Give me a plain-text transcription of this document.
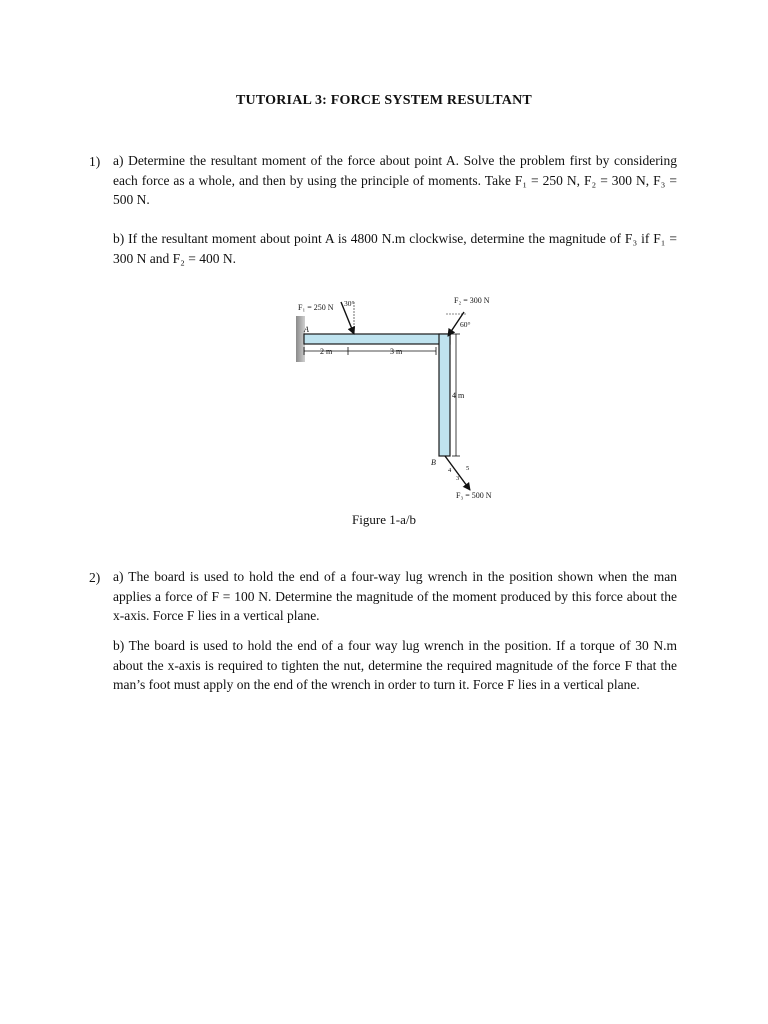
TUTORIAL 3: FORCE SYSTEM RESULTANT
1) a) Determine the resultant moment of the force about point A. Solve the problem first by considering each force as a whole, and then by using the principle of moments. Take F₁ = 250 N, F₂ = 300 N, F₃ = 500 N.
b) If the resultant moment about point A is 4800 N.m clockwise, determine the magnitude of F₃ if F₁ = 300 N and F₂ = 400 N.
2 m	3 m
4 m
A
B
F₁ = 250 N 30°	F₂ = 300 N
60°
4
3
5
F₃ = 500 N
Figure 1-a/b
2) a) The board is used to hold the end of a four-way lug wrench in the position shown when the man applies a force of F = 100 N. Determine the magnitude of the moment produced by this force about the x-axis. Force F lies in a vertical plane.
b) The board is used to hold the end of a four way lug wrench in the position. If a torque of 30 N.m about the x-axis is required to tighten the nut, determine the required magnitude of the force F that the man’s foot must apply on the end of the wrench in order to turn it. Force F lies in a vertical plane.
